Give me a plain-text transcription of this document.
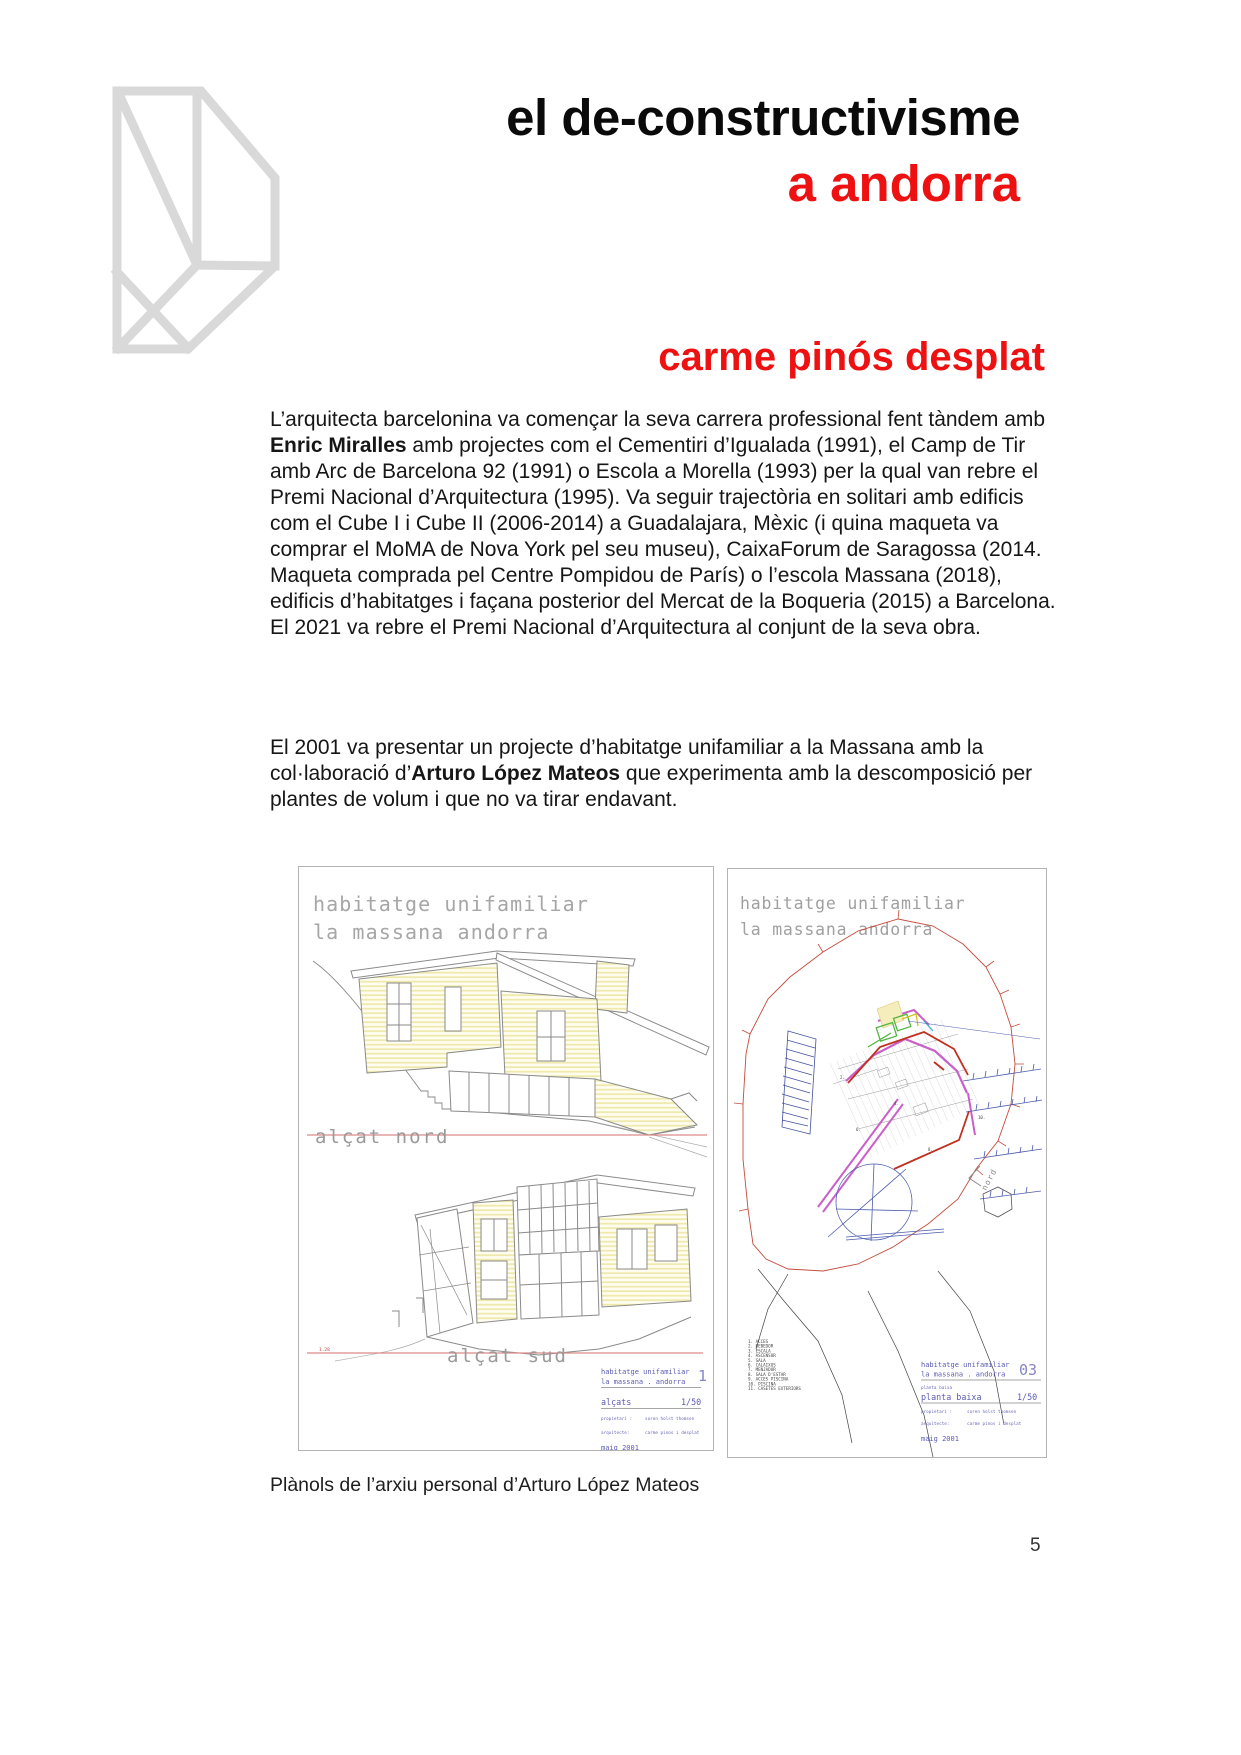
el de-constructivisme
a andorra
carme pinós desplat
L’arquitecta barcelonina va començar la seva carrera professional fent tàndem amb Enric Miralles amb projectes com el Cementiri d’Igualada (1991), el Camp de Tir amb Arc de Barcelona 92 (1991) o Escola a Morella (1993) per la qual van rebre el Premi Nacional d’Arquitectura (1995). Va seguir trajectòria en solitari amb edificis com el Cube I i Cube II (2006-2014) a Guadalajara, Mèxic (i quina maqueta va comprar el MoMA de Nova York pel seu museu), CaixaForum de Saragossa (2014. Maqueta comprada pel Centre Pompidou de París) o l’escola Massana (2018), edificis d’habitatges i façana posterior del Mercat de la Boqueria (2015) a Barcelona. El 2021 va rebre el Premi Nacional d’Arquitectura al conjunt de la seva obra.
El 2001 va presentar un projecte d’habitatge unifamiliar a la Massana amb la col·laboració d’Arturo López Mateos que experimenta amb la descomposició per plantes de volum i que no va tirar endavant.
habitatge unifamiliar
la massana andorra
alçat nord
1.28	alçat sud
habitatge unifamiliar
la massana . andorra 1
alçats	1/50
propietari :	soren holst thomsen
arquitecte:	carme pinos i desplat
maig 2001
habitatge unifamiliar
la massana andorra
nord
2.
4.
6.
8.
10.
1. ACCES
2. REBEDOR
3. ESCALA
4. ASCENSOR
5. SALA
6. CALAIXOS
7. MENJADOR
8. SALA D'ESTAR
9. ACCES PISCINA
10. PISCINA
11. CASETES EXTERIORS
habitatge unifamiliar
la massana . andorra 03
planta baixa
planta baixa	1/50
propietari :	soren holst thomsen
arquitecte:	carme pinos i desplat
maig 2001
Plànols de l’arxiu personal d’Arturo López Mateos
5
